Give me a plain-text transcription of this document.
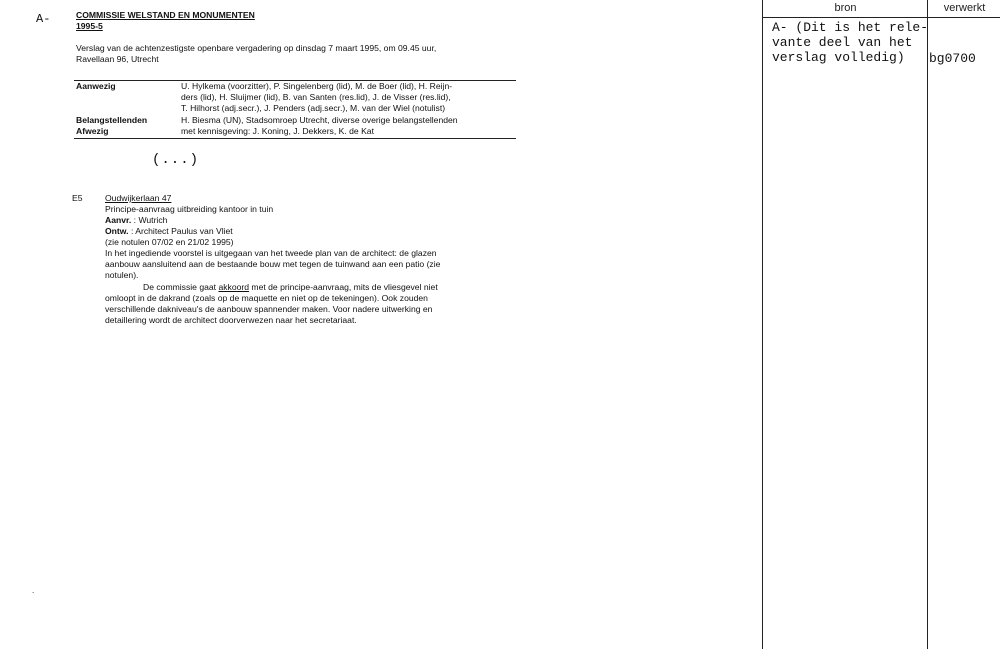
A-	COMMISSIE WELSTAND EN MONUMENTEN
1995-5
Verslag van de achtenzestigste openbare vergadering op dinsdag 7 maart 1995, om 09.45 uur,
Ravellaan 96, Utrecht
Aanwezig	U. Hylkema (voorzitter), P. Singelenberg (lid), M. de Boer (lid), H. Reijn-
ders (lid), H. Sluijmer (lid), B. van Santen (res.lid), J. de Visser (res.lid),
T. Hilhorst (adj.secr.), J. Penders (adj.secr.), M. van der Wiel (notulist)
Belangstellenden	H. Biesma (UN), Stadsomroep Utrecht, diverse overige belangstellenden
Afwezig	met kennisgeving: J. Koning, J. Dekkers, K. de Kat
(...)
E5	Oudwijkerlaan 47
Principe-aanvraag uitbreiding kantoor in tuin
Aanvr. : Wutrich
Ontw. : Architect Paulus van Vliet
(zie notulen 07/02 en 21/02 1995)
In het ingediende voorstel is uitgegaan van het tweede plan van de architect: de glazen
aanbouw aansluitend aan de bestaande bouw met tegen de tuinwand aan een patio (zie
notulen).
De commissie gaat akkoord met de principe-aanvraag, mits de vliesgevel niet
omloopt in de dakrand (zoals op de maquette en niet op de tekeningen). Ook zouden
verschillende dakniveau's de aanbouw spannender maken. Voor nadere uitwerking en
detaillering wordt de architect doorverwezen naar het secretariaat.
.
bron	verwerkt
A- (Dit is het rele-
vante deel van het
verslag volledig)	bg0700
